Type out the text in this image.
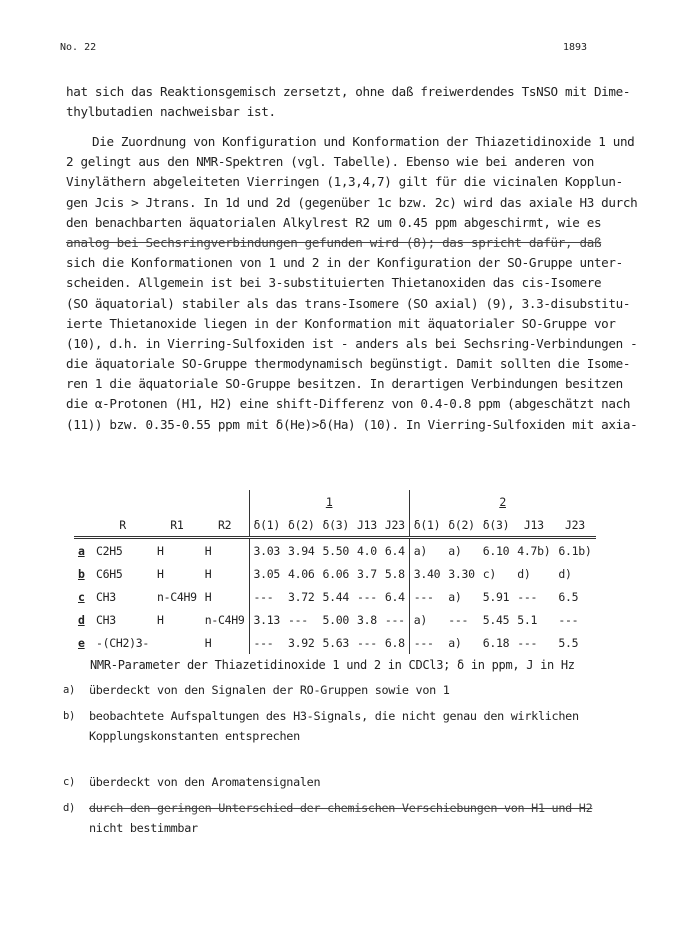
No. 22	1893
hat sich das Reaktionsgemisch zersetzt, ohne daß freiwerdendes TsNSO mit Dime-
thylbutadien nachweisbar ist.
Die Zuordnung von Konfiguration und Konformation der Thiazetidinoxide 1 und
2 gelingt aus den NMR-Spektren (vgl. Tabelle). Ebenso wie bei anderen von
Vinyläthern abgeleiteten Vierringen (1,3,4,7) gilt für die vicinalen Kopplun-
gen Jcis > Jtrans. In 1d und 2d (gegenüber 1c bzw. 2c) wird das axiale H3 durch
den benachbarten äquatorialen Alkylrest R2 um 0.45 ppm abgeschirmt, wie es
analog bei Sechsringverbindungen gefunden wird (8); das spricht dafür, daß
sich die Konformationen von 1 und 2 in der Konfiguration der SO-Gruppe unter-
scheiden. Allgemein ist bei 3-substituierten Thietanoxiden das cis-Isomere
(SO äquatorial) stabiler als das trans-Isomere (SO axial) (9), 3.3-disubstitu-
ierte Thietanoxide liegen in der Konformation mit äquatorialer SO-Gruppe vor
(10), d.h. in Vierring-Sulfoxiden ist - anders als bei Sechsring-Verbindungen -
die äquatoriale SO-Gruppe thermodynamisch begünstigt. Damit sollten die Isome-
ren 1 die äquatoriale SO-Gruppe besitzen. In derartigen Verbindungen besitzen
die α-Protonen (H1, H2) eine shift-Differenz von 0.4-0.8 ppm (abgeschätzt nach
(11)) bzw. 0.35-0.55 ppm mit δ(He)>δ(Ha) (10). In Vierring-Sulfoxiden mit axia-
				1					2				
	R	R1	R2	δ(1)	δ(2)	δ(3)	J13	J23	δ(1)	δ(2)	δ(3)	J13	J23
a	C2H5	H	H	3.03	3.94	5.50	4.0	6.4	a)	a)	6.10	4.7b)	6.1b)
b	C6H5	H	H	3.05	4.06	6.06	3.7	5.8	3.40	3.30	c)	d)	d)
c	CH3	n-C4H9	H	---	3.72	5.44	---	6.4	---	a)	5.91	---	6.5
d	CH3	H	n-C4H9	3.13	---	5.00	3.8	---	a)	---	5.45	5.1	---
e	-(CH2)3-		H	---	3.92	5.63	---	6.8	---	a)	6.18	---	5.5
NMR-Parameter der Thiazetidinoxide 1 und 2 in CDCl3; δ in ppm, J in Hz
a) überdeckt von den Signalen der RO-Gruppen sowie von 1
b) beobachtete Aufspaltungen des H3-Signals, die nicht genau den wirklichen
Kopplungskonstanten entsprechen
c) überdeckt von den Aromatensignalen
d) durch den geringen Unterschied der chemischen Verschiebungen von H1 und H2
nicht bestimmbar
